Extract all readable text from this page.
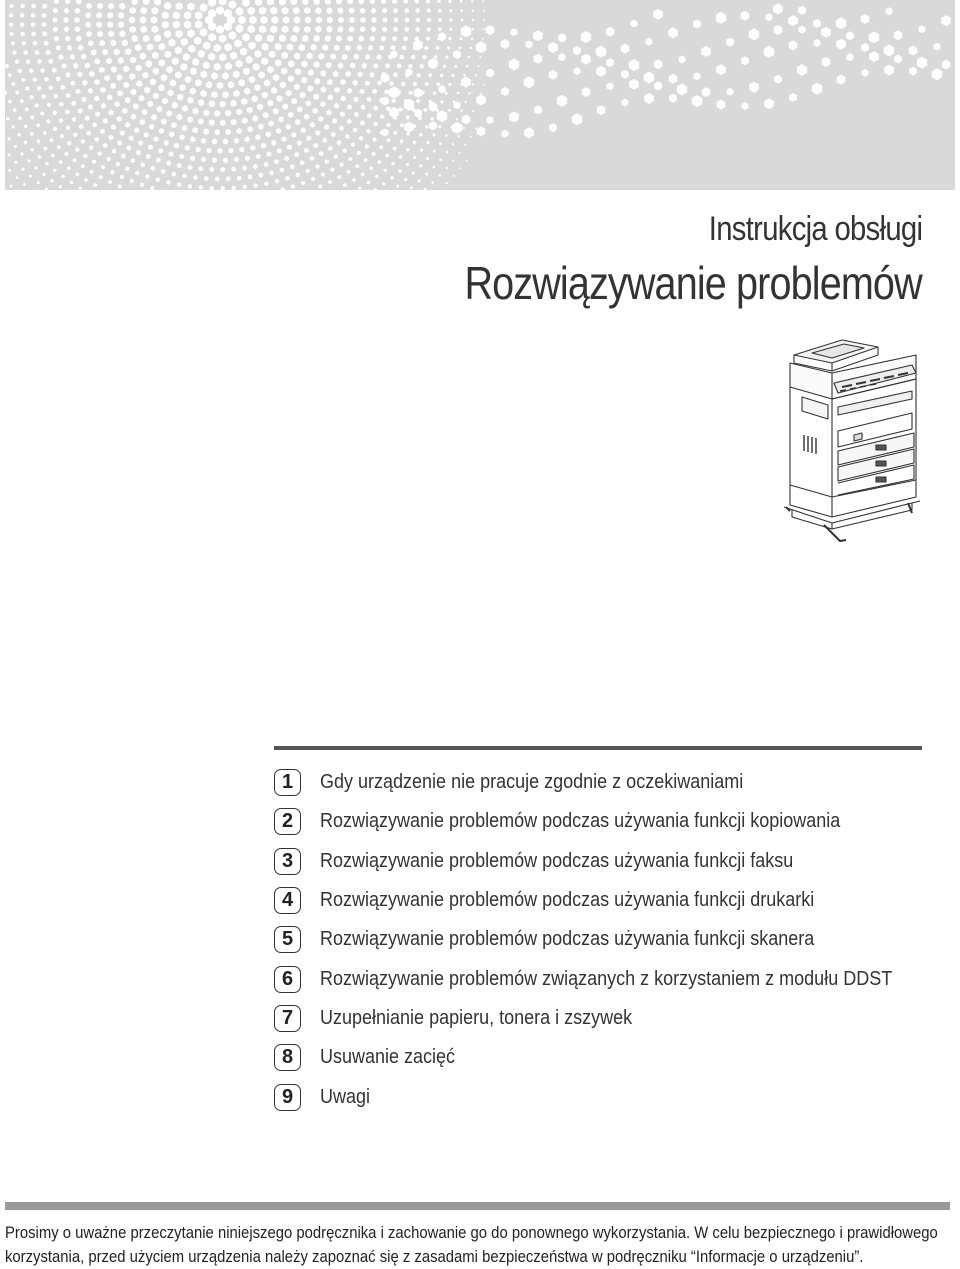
Instrukcja obsługi
Rozwiązywanie problemów
1	Gdy urządzenie nie pracuje zgodnie z oczekiwaniami
2	Rozwiązywanie problemów podczas używania funkcji kopiowania
3	Rozwiązywanie problemów podczas używania funkcji faksu
4	Rozwiązywanie problemów podczas używania funkcji drukarki
5	Rozwiązywanie problemów podczas używania funkcji skanera
6	Rozwiązywanie problemów związanych z korzystaniem z modułu DDST
7	Uzupełnianie papieru, tonera i zszywek
8	Usuwanie zacięć
9	Uwagi

Prosimy o uważne przeczytanie niniejszego podręcznika i zachowanie go do ponownego wykorzystania. W celu bezpiecznego i prawidłowego

korzystania, przed użyciem urządzenia należy zapoznać się z zasadami bezpieczeństwa w podręczniku “Informacje o urządzeniu”.
